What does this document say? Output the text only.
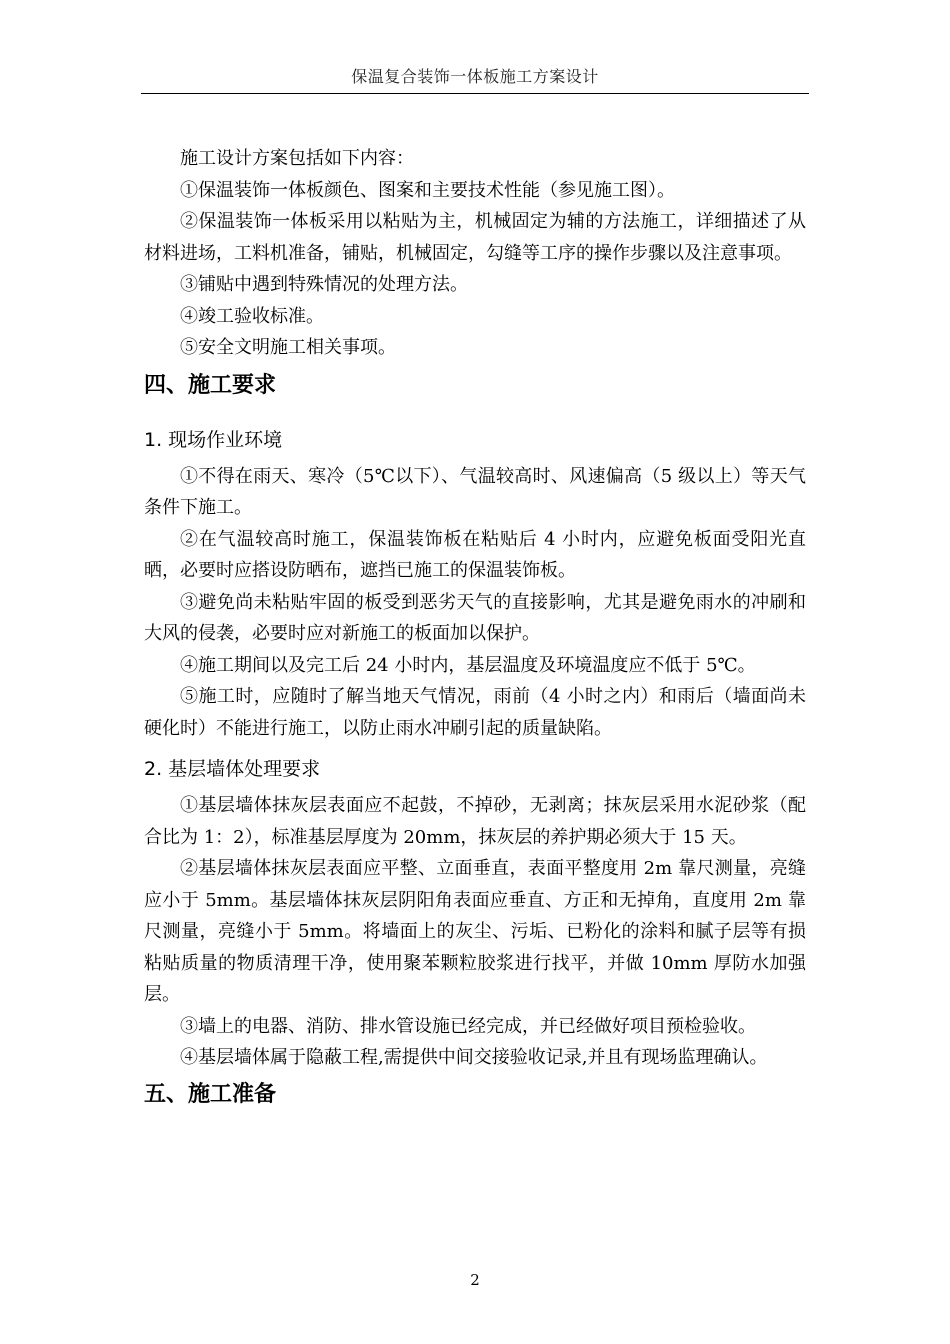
保温复合装饰一体板施工方案设计

施工设计方案包括如下内容：

①保温装饰一体板颜色、图案和主要技术性能（参见施工图）。

②保温装饰一体板采用以粘贴为主，机械固定为辅的方法施工，详细描述了从材料进场，工料机准备，铺贴，机械固定，勾缝等工序的操作步骤以及注意事项。

③铺贴中遇到特殊情况的处理方法。

④竣工验收标准。

⑤安全文明施工相关事项。

四、施工要求
1. 现场作业环境

①不得在雨天、寒冷（5℃以下）、气温较高时、风速偏高（5 级以上）等天气条件下施工。

②在气温较高时施工，保温装饰板在粘贴后 4 小时内，应避免板面受阳光直晒，必要时应搭设防晒布，遮挡已施工的保温装饰板。

③避免尚未粘贴牢固的板受到恶劣天气的直接影响，尤其是避免雨水的冲刷和大风的侵袭，必要时应对新施工的板面加以保护。

④施工期间以及完工后 24 小时内，基层温度及环境温度应不低于 5℃。

⑤施工时，应随时了解当地天气情况，雨前（4 小时之内）和雨后（墙面尚未硬化时）不能进行施工，以防止雨水冲刷引起的质量缺陷。

2. 基层墙体处理要求

①基层墙体抹灰层表面应不起鼓，不掉砂，无剥离；抹灰层采用水泥砂浆（配合比为 1：2），标准基层厚度为 20mm，抹灰层的养护期必须大于 15 天。

②基层墙体抹灰层表面应平整、立面垂直，表面平整度用 2m 靠尺测量，亮缝应小于 5mm。基层墙体抹灰层阴阳角表面应垂直、方正和无掉角，直度用 2m 靠尺测量，亮缝小于 5mm。将墙面上的灰尘、污垢、已粉化的涂料和腻子层等有损粘贴质量的物质清理干净，使用聚苯颗粒胶浆进行找平，并做 10mm 厚防水加强层。

③墙上的电器、消防、排水管设施已经完成，并已经做好项目预检验收。

④基层墙体属于隐蔽工程,需提供中间交接验收记录,并且有现场监理确认。

五、施工准备
2
